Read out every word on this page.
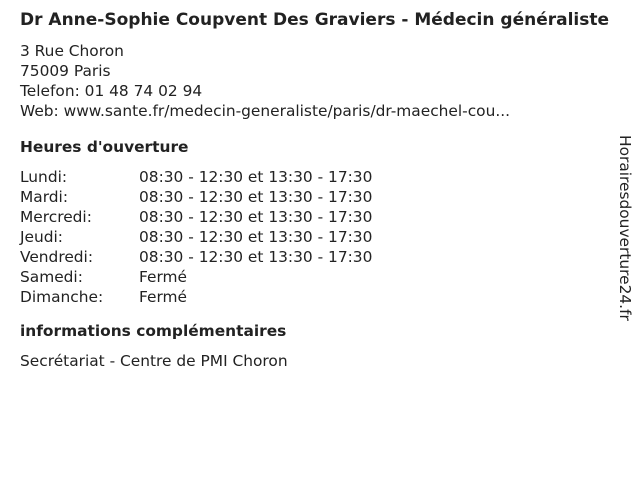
Dr Anne-Sophie Coupvent Des Graviers - Médecin généraliste
3 Rue Choron
75009 Paris
Telefon: 01 48 74 02 94
Web: www.sante.fr/medecin-generaliste/paris/dr-maechel-cou...
Heures d'ouverture
Lundi:	08:30 - 12:30 et 13:30 - 17:30
Mardi:	08:30 - 12:30 et 13:30 - 17:30
Mercredi:	08:30 - 12:30 et 13:30 - 17:30
Jeudi:	08:30 - 12:30 et 13:30 - 17:30
Vendredi:	08:30 - 12:30 et 13:30 - 17:30
Samedi:	Fermé
Dimanche:	Fermé
informations complémentaires
Secrétariat - Centre de PMI Choron
Horairesdouverture24.fr
